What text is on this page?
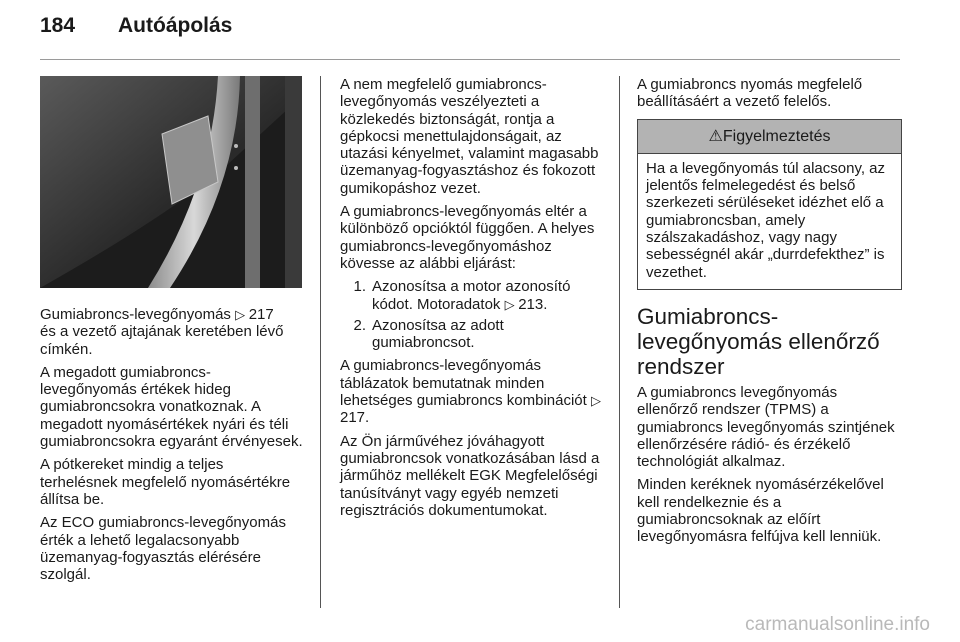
184	Autóápolás

Gumiabroncs-levegőnyomás ▷ 217
és a vezető ajtajának keretében lévő címkén.

A megadott gumiabroncs-levegőnyomás értékek hideg gumiabroncsokra vonatkoznak. A megadott nyomásértékek nyári és téli gumiabroncsokra egyaránt érvényesek.

A pótkereket mindig a teljes terhelésnek megfelelő nyomásértékre állítsa be.

Az ECO gumiabroncs-levegőnyomás érték a lehető legalacsonyabb üzemanyag-fogyasztás elérésére szolgál.

A nem megfelelő gumiabroncs-levegőnyomás veszélyezteti a közlekedés biztonságát, rontja a gépkocsi menettulajdonságait, az utazási kényelmet, valamint magasabb üzemanyag-fogyasztáshoz és fokozott gumikopáshoz vezet.

A gumiabroncs-levegőnyomás eltér a különböző opcióktól függően. A helyes gumiabroncs-levegőnyomáshoz kövesse az alábbi eljárást:

1. Azonosítsa a motor azonosító kódot. Motoradatok ▷ 213.
2. Azonosítsa az adott gumiabroncsot.

A gumiabroncs-levegőnyomás táblázatok bemutatnak minden lehetséges gumiabroncs kombinációt ▷ 217.

Az Ön járművéhez jóváhagyott gumiabroncsok vonatkozásában lásd a járműhöz mellékelt EGK Megfelelőségi tanúsítványt vagy egyéb nemzeti regisztrációs dokumentumokat.

A gumiabroncs nyomás megfelelő beállításáért a vezető felelős.

⚠Figyelmeztetés
Ha a levegőnyomás túl alacsony, az jelentős felmelegedést és belső szerkezeti sérüléseket idézhet elő a gumiabroncsban, amely szálszakadáshoz, vagy nagy sebességnél akár „durrdefekthez” is vezethet.
Gumiabroncs-levegőnyomás ellenőrző rendszer

A gumiabroncs levegőnyomás ellenőrző rendszer (TPMS) a gumiabroncs levegőnyomás szintjének ellenőrzésére rádió- és érzékelő technológiát alkalmaz.

Minden keréknek nyomásérzékelővel kell rendelkeznie és a gumiabroncsoknak az előírt levegőnyomásra felfújva kell lenniük.

carmanualsonline.info
